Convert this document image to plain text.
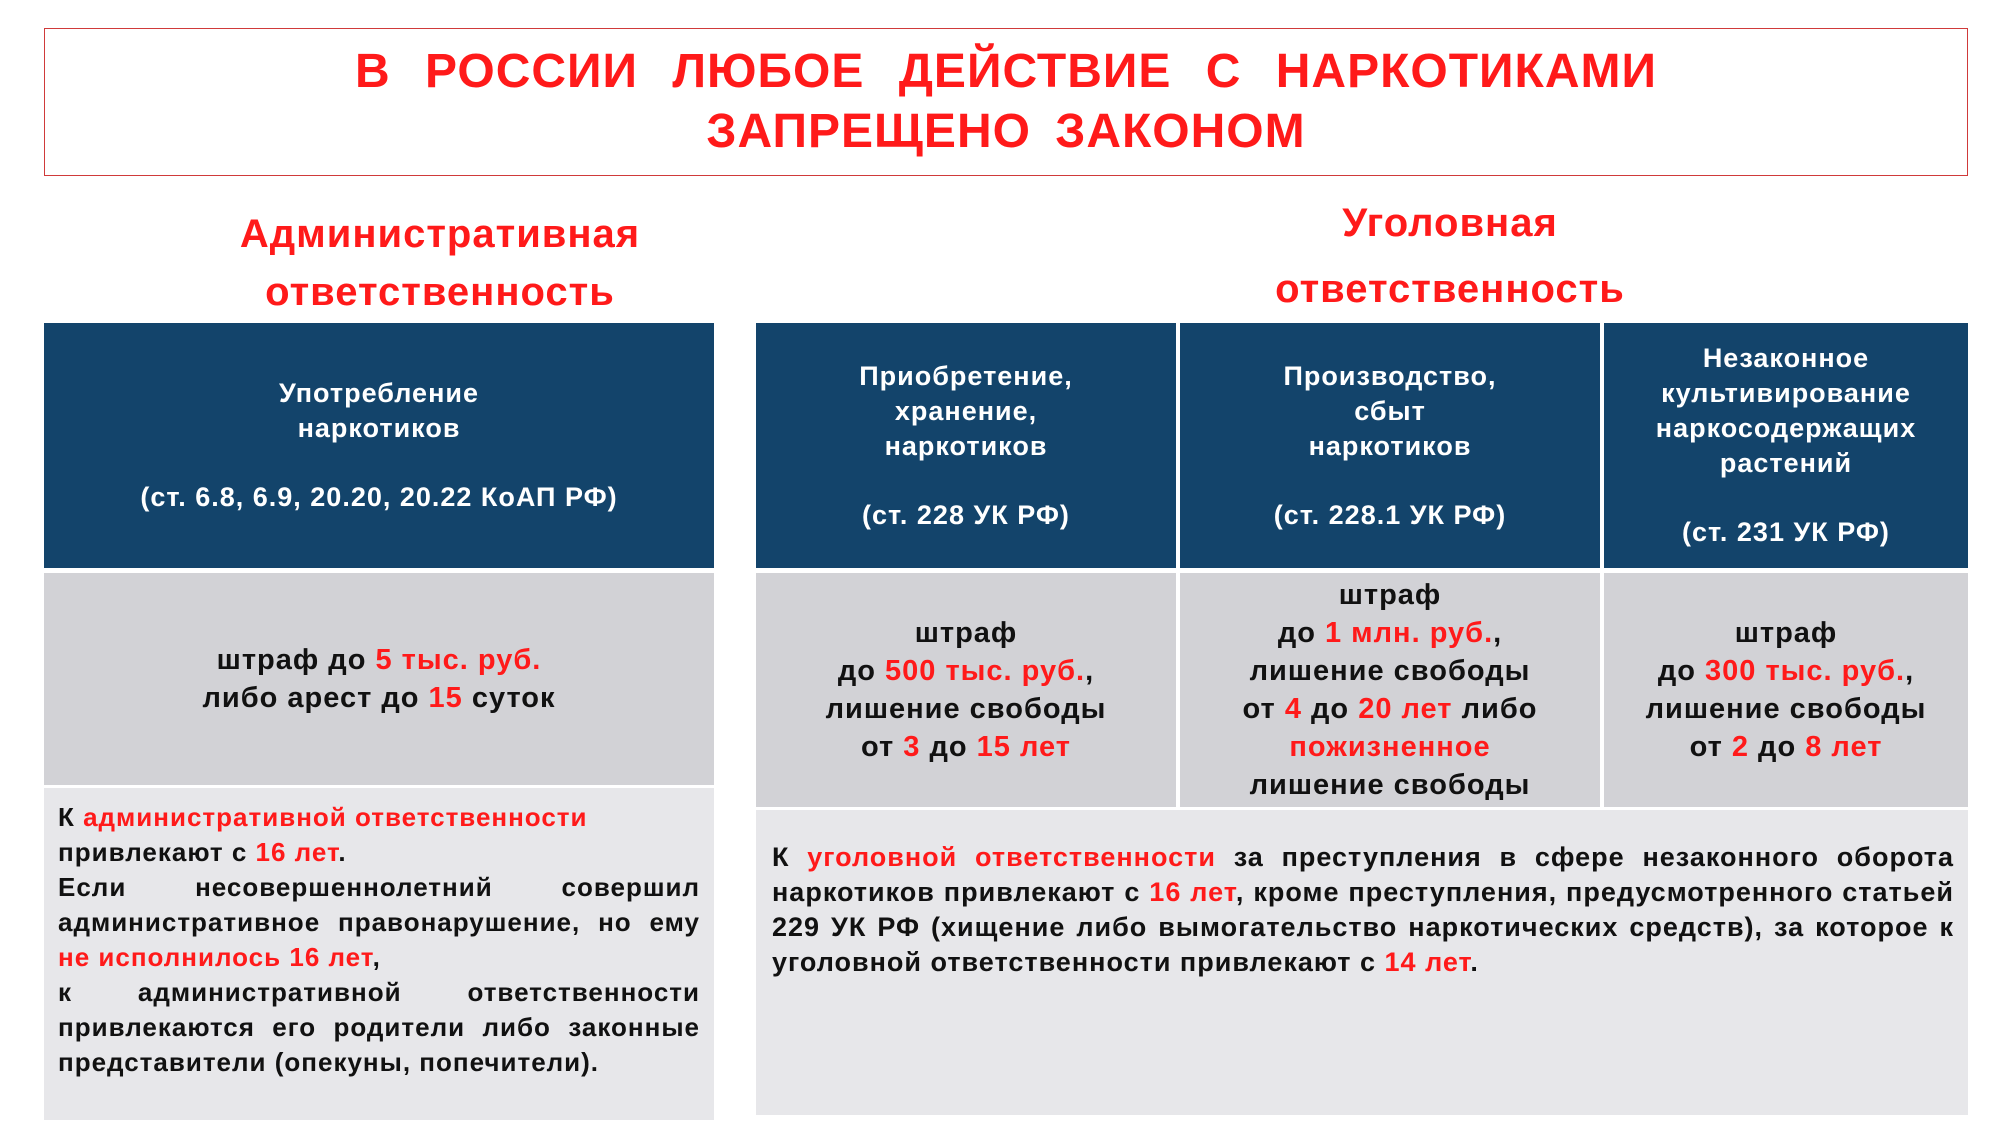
В РОССИИ ЛЮБОЕ ДЕЙСТВИЕ С НАРКОТИКАМИ
ЗАПРЕЩЕНО ЗАКОНОМ
Административная
ответственность
Уголовная
ответственность
Употребление
наркотиков
(ст. 6.8, 6.9, 20.20, 20.22 КоАП РФ)
Приобретение,
хранение,
наркотиков
(ст. 228 УК РФ)
Производство,
сбыт
наркотиков
(ст. 228.1 УК РФ)
Незаконное
культивирование
наркосодержащих
растений
(ст. 231 УК РФ)
штраф до 5 тыс. руб.
либо арест до 15 суток
штраф
до 500 тыс. руб.,
лишение свободы
от 3 до 15 лет
штраф
до 1 млн. руб.,
лишение свободы
от 4 до 20 лет либо
пожизненное
лишение свободы
штраф
до 300 тыс. руб.,
лишение свободы
от 2 до 8 лет

К административной ответственности

привлекают с 16 лет.

Если несовершеннолетний совершил административное правонарушение, но ему не исполнилось 16 лет,

к административной ответственности привлекаются его родители либо законные представители (опекуны, попечители).

К уголовной ответственности за преступления в сфере незаконного оборота наркотиков привлекают с 16 лет, кроме преступления, предусмотренного статьей 229 УК РФ (хищение либо вымогательство наркотических средств), за которое к уголовной ответственности привлекают с 14 лет.
